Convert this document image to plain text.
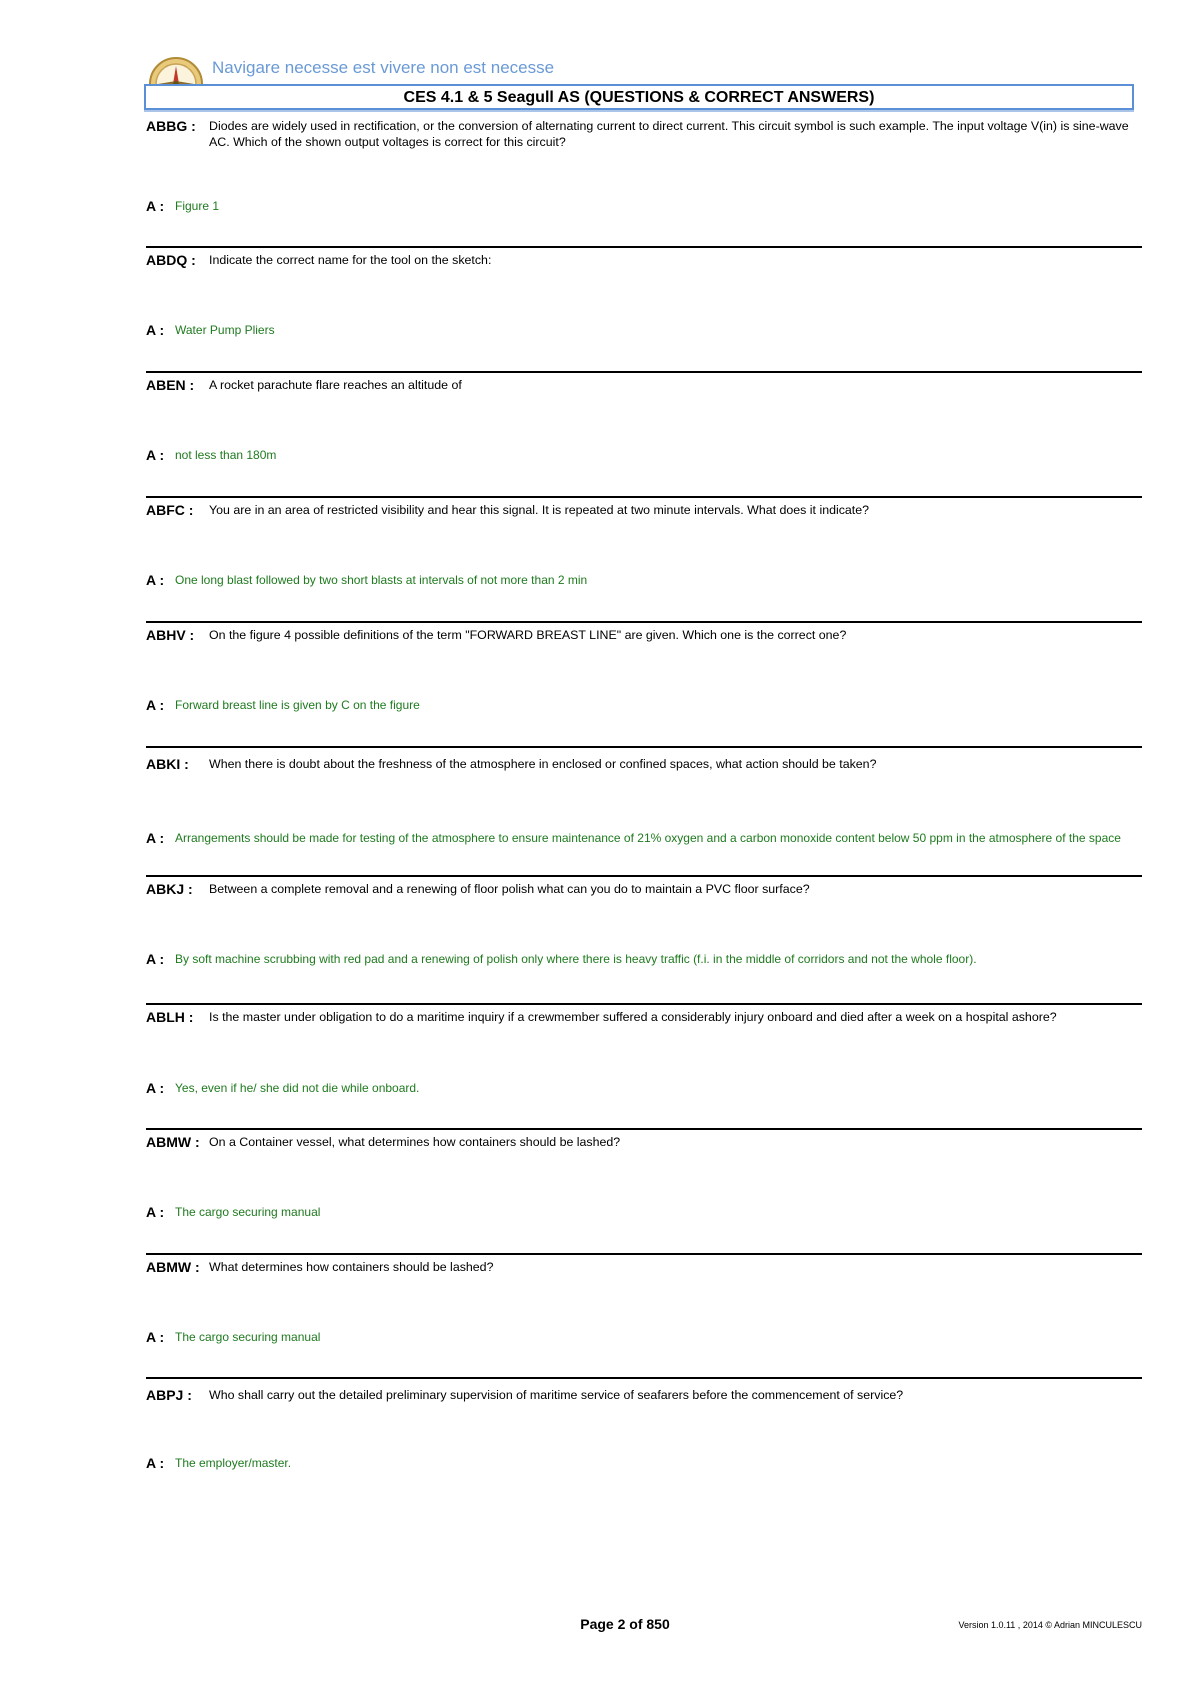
Navigare necesse est vivere non est necesse
CES 4.1 & 5 Seagull AS (QUESTIONS & CORRECT ANSWERS)
ABBG : Diodes are widely used in rectification, or the conversion of alternating current to direct current. This circuit symbol is such example. The input voltage V(in) is sine-wave AC. Which of the shown output voltages is correct for this circuit?
A : Figure 1
ABDQ : Indicate the correct name for the tool on the sketch:
A : Water Pump Pliers
ABEN : A rocket parachute flare reaches an altitude of
A : not less than 180m
ABFC : You are in an area of restricted visibility and hear this signal. It is repeated at two minute intervals. What does it indicate?
A : One long blast followed by two short blasts at intervals of not more than 2 min
ABHV : On the figure 4 possible definitions of the term "FORWARD BREAST LINE" are given. Which one is the correct one?
A : Forward breast line is given by C on the figure
ABKI : When there is doubt about the freshness of the atmosphere in enclosed or confined spaces, what action should be taken?
A : Arrangements should be made for testing of the atmosphere to ensure maintenance of 21% oxygen and a carbon monoxide content below 50 ppm in the atmosphere of the space
ABKJ : Between a complete removal and a renewing of floor polish what can you do to maintain a PVC floor surface?
A : By soft machine scrubbing with red pad and a renewing of polish only where there is heavy traffic (f.i. in the middle of corridors and not the whole floor).
ABLH : Is the master under obligation to do a maritime inquiry if a crewmember suffered a considerably injury onboard and died after a week on a hospital ashore?
A : Yes, even if he/ she did not die while onboard.
ABMW : On a Container vessel, what determines how containers should be lashed?
A : The cargo securing manual
ABMW : What determines how containers should be lashed?
A : The cargo securing manual
ABPJ : Who shall carry out the detailed preliminary supervision of maritime service of seafarers before the commencement of service?
A : The employer/master.
Page 2 of 850	Version 1.0.11 , 2014 © Adrian MINCULESCU
